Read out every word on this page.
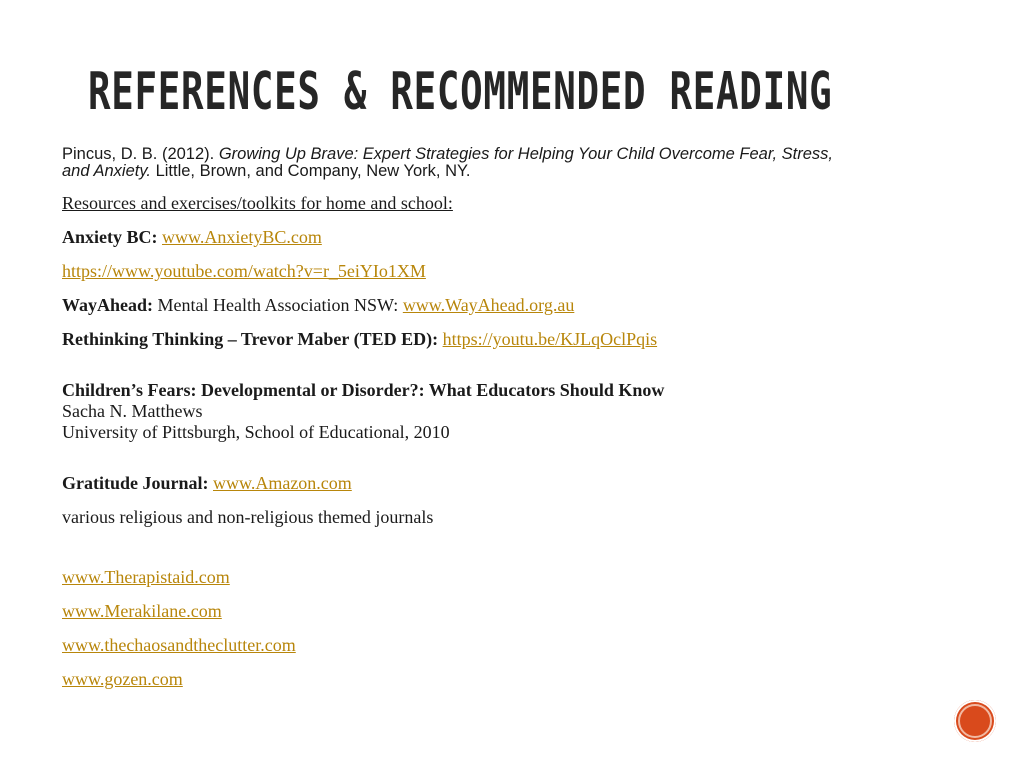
REFERENCES & RECOMMENDED READING

Pincus, D. B. (2012). Growing Up Brave: Expert Strategies for Helping Your Child Overcome Fear, Stress,
and Anxiety. Little, Brown, and Company, New York, NY.

Resources and exercises/toolkits for home and school:

Anxiety BC: www.AnxietyBC.com

https://www.youtube.com/watch?v=r_5eiYIo1XM

WayAhead: Mental Health Association NSW: www.WayAhead.org.au

Rethinking Thinking – Trevor Maber (TED ED): https://youtu.be/KJLqOclPqis

Children’s Fears: Developmental or Disorder?: What Educators Should Know

Sacha N. Matthews

University of Pittsburgh, School of Educational, 2010

Gratitude Journal: www.Amazon.com

various religious and non-religious themed journals

www.Therapistaid.com

www.Merakilane.com

www.thechaosandtheclutter.com

www.gozen.com
